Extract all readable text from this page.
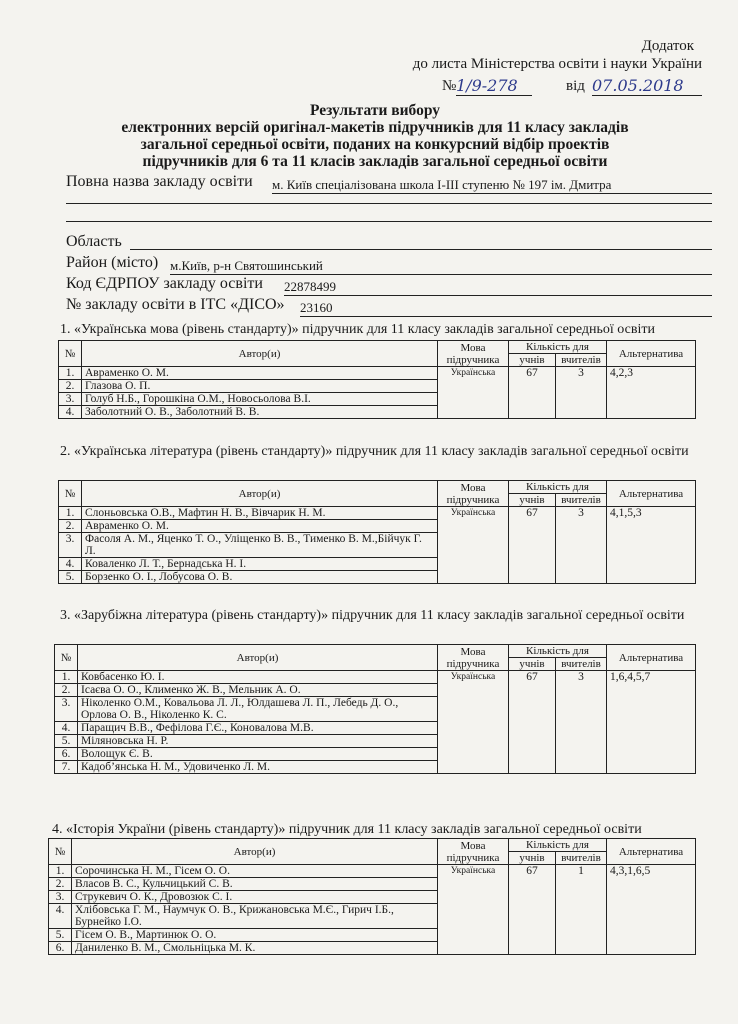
Додаток
до листа Міністерства освіти і науки України
№ 1/9-278	від 07.05.2018
Результати вибору
електронних версій оригінал-макетів підручників для 11 класу закладів
загальної середньої освіти, поданих на конкурсний відбір проектів
підручників для 6 та 11 класів закладів загальної середньої освіти
Повна назва закладу освіти м. Київ спеціалізована школа І-ІІІ ступеню № 197 ім. Дмитра
Область
Район (місто) м.Київ, р-н Святошинський
Код ЄДРПОУ закладу освіти 22878499
№ закладу освіти в ІТС «ДІСО» 23160
1. «Українська мова (рівень стандарту)» підручник для 11 класу закладів загальної середньої освіти
№	Автор(и)	Мова підручника	Кількість для		Альтернатива
			учнів	вчителів	
1.	Авраменко О. М.	Українська	67	3	4,2,3
2.	Глазова О. П.				
3.	Голуб Н.Б., Горошкіна О.М., Новосьолова В.І.				
4.	Заболотний О. В., Заболотний В. В.				
2. «Українська література (рівень стандарту)» підручник для 11 класу закладів загальної середньої освіти
№	Автор(и)	Мова підручника	Кількість для		Альтернатива
			учнів	вчителів	
1.	Слоньовська О.В., Мафтин Н. В., Вівчарик Н. М.	Українська	67	3	4,1,5,3
2.	Авраменко О. М.				
3.	Фасоля А. М., Яценко Т. О., Уліщенко В. В., Тименко В. М.,Бійчук Г. Л.				
4.	Коваленко Л. Т., Бернадська Н. І.				
5.	Борзенко О. І., Лобусова О. В.				
3. «Зарубіжна література (рівень стандарту)» підручник для 11 класу закладів загальної середньої освіти
№	Автор(и)	Мова підручника	Кількість для		Альтернатива
			учнів	вчителів	
1.	Ковбасенко Ю. І.	Українська	67	3	1,6,4,5,7
2.	Ісаєва О. О., Клименко Ж. В., Мельник А. О.				
3.	Ніколенко О.М., Ковальова Л. Л., Юлдашева Л. П., Лебедь Д. О., Орлова О. В., Ніколенко К. С.				
4.	Паращич В.В., Фефілова Г.Є., Коновалова М.В.				
5.	Міляновська Н. Р.				
6.	Волощук Є. В.				
7.	Кадоб’янська Н. М., Удовиченко Л. М.				
4. «Історія України (рівень стандарту)» підручник для 11 класу закладів загальної середньої освіти
№	Автор(и)	Мова підручника	Кількість для		Альтернатива
			учнів	вчителів	
1.	Сорочинська Н. М., Гісем О. О.	Українська	67	1	4,3,1,6,5
2.	Власов В. С., Кульчицький С. В.				
3.	Струкевич О. К., Дровозюк С. І.				
4.	Хлібовська Г. М., Наумчук О. В., Крижановська М.Є., Гирич І.Б., Бурнейко І.О.				
5.	Гісем О. В., Мартинюк О. О.				
6.	Даниленко В. М., Смольніцька М. К.				
